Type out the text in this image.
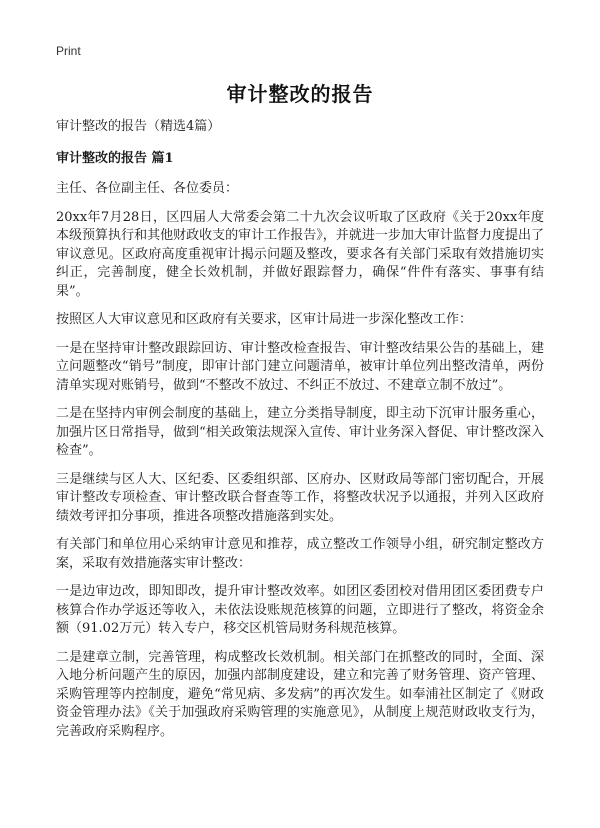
Print
审计整改的报告
审计整改的报告（精选4篇）
审计整改的报告 篇1

主任、各位副主任、各位委员：

20xx年7月28日，区四届人大常委会第二十九次会议听取了区政府《关于20xx年度本级预算执行和其他财政收支的审计工作报告》，并就进一步加大审计监督力度提出了审议意见。区政府高度重视审计揭示问题及整改，要求各有关部门采取有效措施切实纠正，完善制度，健全长效机制，并做好跟踪督力，确保“件件有落实、事事有结果”。

按照区人大审议意见和区政府有关要求，区审计局进一步深化整改工作：

一是在坚持审计整改跟踪回访、审计整改检查报告、审计整改结果公告的基础上，建立问题整改“销号”制度，即审计部门建立问题清单，被审计单位列出整改清单，两份清单实现对账销号，做到“不整改不放过、不纠正不放过、不建章立制不放过”。

二是在坚持内审例会制度的基础上，建立分类指导制度，即主动下沉审计服务重心，加强片区日常指导，做到“相关政策法规深入宣传、审计业务深入督促、审计整改深入检查”。

三是继续与区人大、区纪委、区委组织部、区府办、区财政局等部门密切配合，开展审计整改专项检查、审计整改联合督查等工作，将整改状况予以通报，并列入区政府绩效考评扣分事项，推进各项整改措施落到实处。

有关部门和单位用心采纳审计意见和推荐，成立整改工作领导小组，研究制定整改方案，采取有效措施落实审计整改：

一是边审边改，即知即改，提升审计整改效率。如团区委团校对借用团区委团费专户核算合作办学返还等收入，未依法设账规范核算的问题，立即进行了整改，将资金余额（91.02万元）转入专户，移交区机管局财务科规范核算。

二是建章立制，完善管理，构成整改长效机制。相关部门在抓整改的同时，全面、深入地分析问题产生的原因，加强内部制度建设，建立和完善了财务管理、资产管理、采购管理等内控制度，避免“常见病、多发病”的再次发生。如奉浦社区制定了《财政资金管理办法》《关于加强政府采购管理的实施意见》，从制度上规范财政收支行为，完善政府采购程序。
